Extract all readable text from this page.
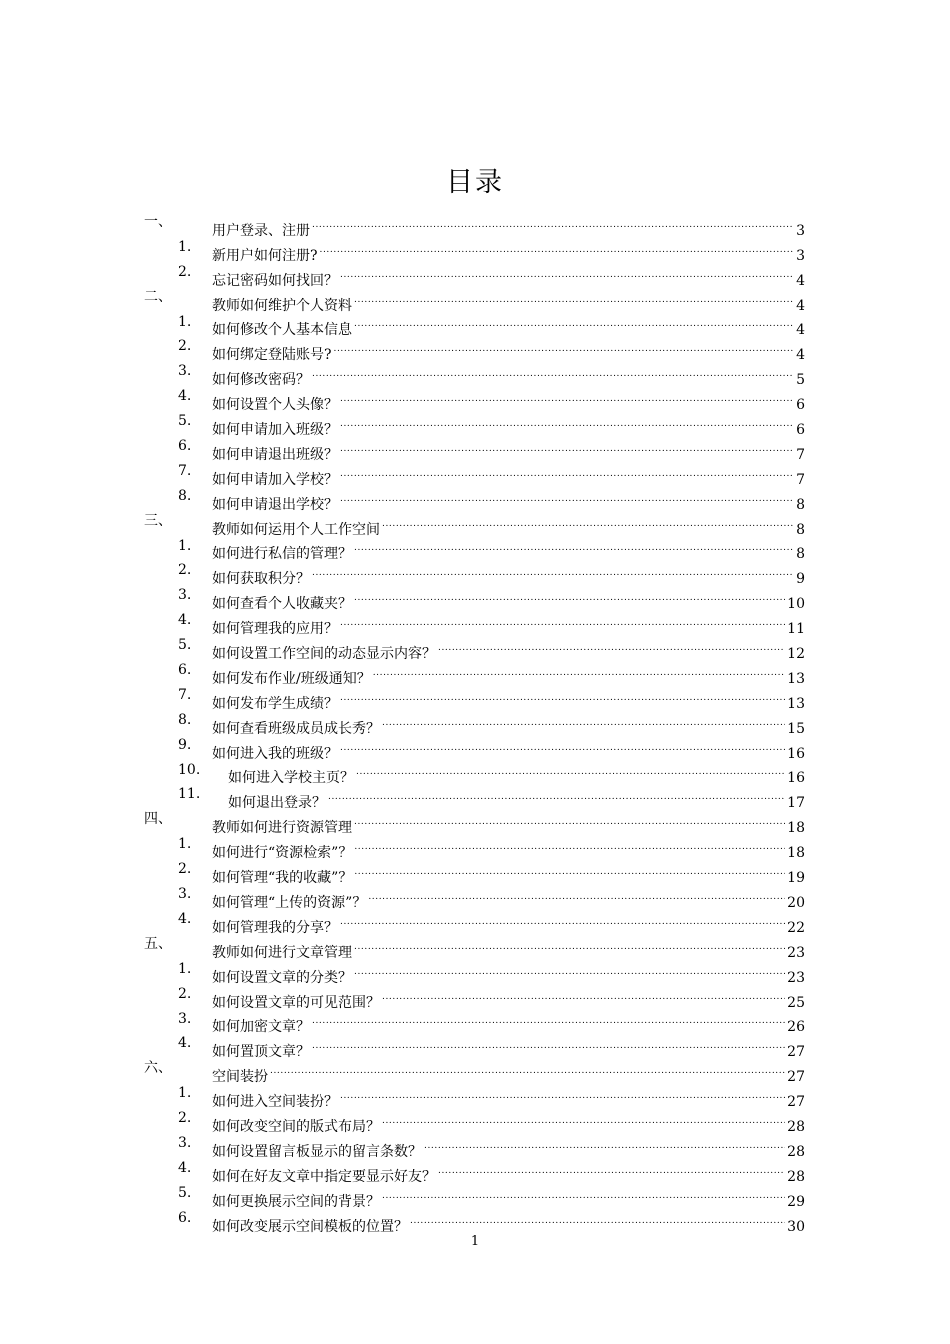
目录
一、
用户登录、注册 .....	3
1.
新用户如何注册? .....	3
2.
忘记密码如何找回？ .....	4
二、
教师如何维护个人资料 .....	4
1.
如何修改个人基本信息 .....	4
2.
如何绑定登陆账号? .....	4
3.
如何修改密码？ .....	5
4.
如何设置个人头像？ .....	6
5.
如何申请加入班级？ .....	6
6.
如何申请退出班级？ .....	7
7.
如何申请加入学校？ .....	7
8.
如何申请退出学校？ .....	8
三、
教师如何运用个人工作空间 .....	8
1.
如何进行私信的管理？ .....	8
2.
如何获取积分？ .....	9
3.
如何查看个人收藏夹？ .....	10
4.
如何管理我的应用？ .....	11
5.
如何设置工作空间的动态显示内容？ .....	12
6.
如何发布作业/班级通知？ .....	13
7.
如何发布学生成绩？ .....	13
8.
如何查看班级成员成长秀？ .....	15
9.
如何进入我的班级？ .....	16
10.
如何进入学校主页？ .....	16
11.
如何退出登录？ .....	17
四、
教师如何进行资源管理 .....	18
1.
如何进行“资源检索”？ .....	18
2.
如何管理“我的收藏”？ .....	19
3.
如何管理“上传的资源”？ .....	20
4.
如何管理我的分享？ .....	22
五、
教师如何进行文章管理 .....	23
1.
如何设置文章的分类？ .....	23
2.
如何设置文章的可见范围？ .....	25
3.
如何加密文章？ .....	26
4.
如何置顶文章？ .....	27
六、
空间装扮 .....	27
1.
如何进入空间装扮？ .....	27
2.
如何改变空间的版式布局？ .....	28
3.
如何设置留言板显示的留言条数？ .....	28
4.
如何在好友文章中指定要显示好友？ .....	28
5.
如何更换展示空间的背景？ .....	29
6.
如何改变展示空间模板的位置？ .....	30
1
